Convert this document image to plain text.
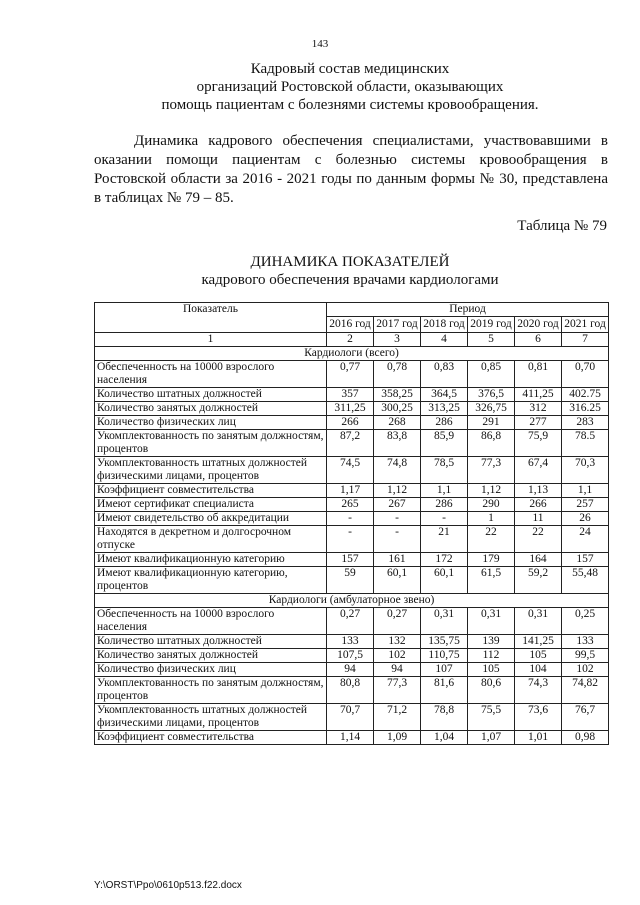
143
Кадровый состав медицинских
организаций Ростовской области, оказывающих
помощь пациентам с болезнями системы кровообращения.

Динамика кадрового обеспечения специалистами, участвовавшими в оказании помощи пациентам с болезнью системы кровообращения в Ростовской области за 2016 - 2021 годы по данным формы № 30, представлена в таблицах № 79 – 85.

Таблица № 79
ДИНАМИКА ПОКАЗАТЕЛЕЙ
кадрового обеспечения врачами кардиологами
Показатель	Период					
	2016 год	2017 год	2018 год	2019 год	2020 год	2021 год
1	2	3	4	5	6	7
Кардиологи (всего)						
Обеспеченность на 10000 взрослого населения	0,77	0,78	0,83	0,85	0,81	0,70
Количество штатных должностей	357	358,25	364,5	376,5	411,25	402.75
Количество занятых должностей	311,25	300,25	313,25	326,75	312	316.25
Количество физических лиц	266	268	286	291	277	283
Укомплектованность по занятым должностям, процентов	87,2	83,8	85,9	86,8	75,9	78.5
Укомплектованность штатных должностей физическими лицами, процентов	74,5	74,8	78,5	77,3	67,4	70,3
Коэффициент совместительства	1,17	1,12	1,1	1,12	1,13	1,1
Имеют сертификат специалиста	265	267	286	290	266	257
Имеют свидетельство об аккредитации	-	-	-	1	11	26
Находятся в декретном и долгосрочном отпуске	-	-	21	22	22	24
Имеют квалификационную категорию	157	161	172	179	164	157
Имеют квалификационную категорию, процентов	59	60,1	60,1	61,5	59,2	55,48
Кардиологи (амбулаторное звено)						
Обеспеченность на 10000 взрослого населения	0,27	0,27	0,31	0,31	0,31	0,25
Количество штатных должностей	133	132	135,75	139	141,25	133
Количество занятых должностей	107,5	102	110,75	112	105	99,5
Количество физических лиц	94	94	107	105	104	102
Укомплектованность по занятым должностям, процентов	80,8	77,3	81,6	80,6	74,3	74,82
Укомплектованность штатных должностей физическими лицами, процентов	70,7	71,2	78,8	75,5	73,6	76,7
Коэффициент совместительства	1,14	1,09	1,04	1,07	1,01	0,98
Y:\ORST\Ppo\0610p513.f22.docx
